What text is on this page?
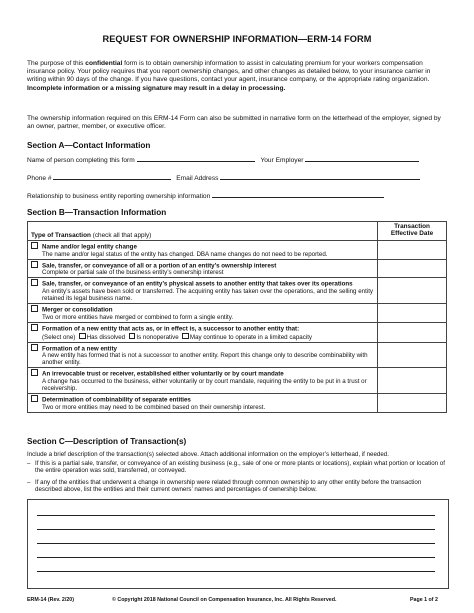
REQUEST FOR OWNERSHIP INFORMATION—ERM-14 FORM
The purpose of this confidential form is to obtain ownership information to assist in calculating premium for your workers compensation insurance policy. Your policy requires that you report ownership changes, and other changes as detailed below, to your insurance carrier in writing within 90 days of the change. If you have questions, contact your agent, insurance company, or the appropriate rating organization. Incomplete information or a missing signature may result in a delay in processing.
The ownership information required on this ERM-14 Form can also be submitted in narrative form on the letterhead of the employer, signed by an owner, partner, member, or executive officer.
Section A—Contact Information
Name of person completing this form	Your Employer
Phone #	Email Address
Relationship to business entity reporting ownership information
Section B—Transaction Information
Type of Transaction (check all that apply)	Transaction Effective Date
Name and/or legal entity change
The name and/or legal status of the entity has changed. DBA name changes do not need to be reported.	

Sale, transfer, or conveyance of all or a portion of an entity’s ownership interest
Complete or partial sale of the business entity’s ownership interest	

Sale, transfer, or conveyance of an entity’s physical assets to another entity that takes over its operations
An entity’s assets have been sold or transferred. The acquiring entity has taken over the operations, and the selling entity retained its legal business name.	

Merger or consolidation
Two or more entities have merged or combined to form a single entity.	

Formation of a new entity that acts as, or in effect is, a successor to another entity that:
(Select one) Has dissolved Is nonoperative May continue to operate in a limited capacity	

Formation of a new entity
A new entity has formed that is not a successor to another entity. Report this change only to describe combinability with another entity.	

An irrevocable trust or receiver, established either voluntarily or by court mandate
A change has occurred to the business, either voluntarily or by court mandate, requiring the entity to be put in a trust or receivership.	

Determination of combinability of separate entities
Two or more entities may need to be combined based on their ownership interest.	

Section C—Description of Transaction(s)
Include a brief description of the transaction(s) selected above. Attach additional information on the employer’s letterhead, if needed.
– If this is a partial sale, transfer, or conveyance of an existing business (e.g., sale of one or more plants or locations), explain what portion or location of the entire operation was sold, transferred, or conveyed.
– If any of the entities that underwent a change in ownership were related through common ownership to any other entity before the transaction described above, list the entities and their current owners’ names and percentages of ownership below.
ERM-14 (Rev. 2/20)	© Copyright 2018 National Council on Compensation Insurance, Inc. All Rights Reserved.	Page 1 of 2
